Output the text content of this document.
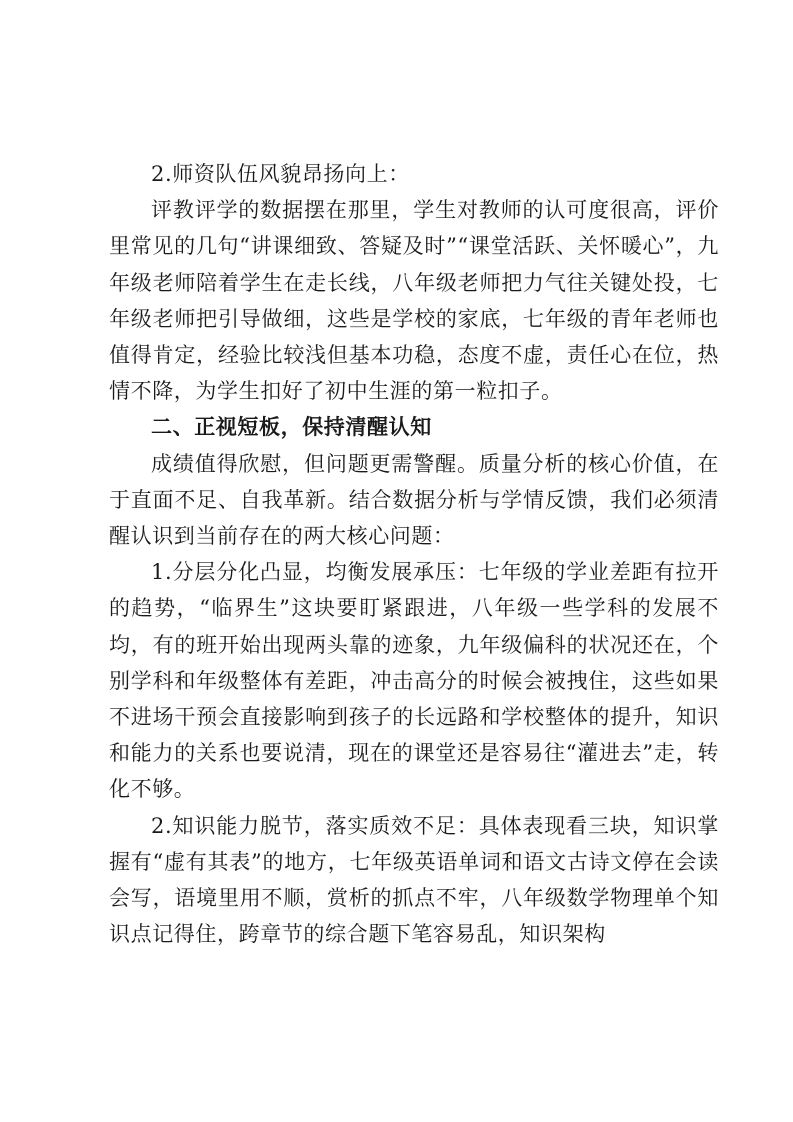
2.师资队伍风貌昂扬向上：

评教评学的数据摆在那里，学生对教师的认可度很高，评价里常见的几句“讲课细致、答疑及时”“课堂活跃、关怀暖心”，九年级老师陪着学生在走长线，八年级老师把力气往关键处投，七年级老师把引导做细，这些是学校的家底，七年级的青年老师也值得肯定，经验比较浅但基本功稳，态度不虚，责任心在位，热情不降，为学生扣好了初中生涯的第一粒扣子。

二、正视短板，保持清醒认知

成绩值得欣慰，但问题更需警醒。质量分析的核心价值，在于直面不足、自我革新。结合数据分析与学情反馈，我们必须清醒认识到当前存在的两大核心问题：

1.分层分化凸显，均衡发展承压：七年级的学业差距有拉开的趋势，“临界生”这块要盯紧跟进，八年级一些学科的发展不均，有的班开始出现两头靠的迹象，九年级偏科的状况还在，个别学科和年级整体有差距，冲击高分的时候会被拽住，这些如果不进场干预会直接影响到孩子的长远路和学校整体的提升，知识和能力的关系也要说清，现在的课堂还是容易往“灌进去”走，转化不够。

2.知识能力脱节，落实质效不足：具体表现看三块，知识掌握有“虚有其表”的地方，七年级英语单词和语文古诗文停在会读会写，语境里用不顺，赏析的抓点不牢，八年级数学物理单个知识点记得住，跨章节的综合题下笔容易乱，知识架构
